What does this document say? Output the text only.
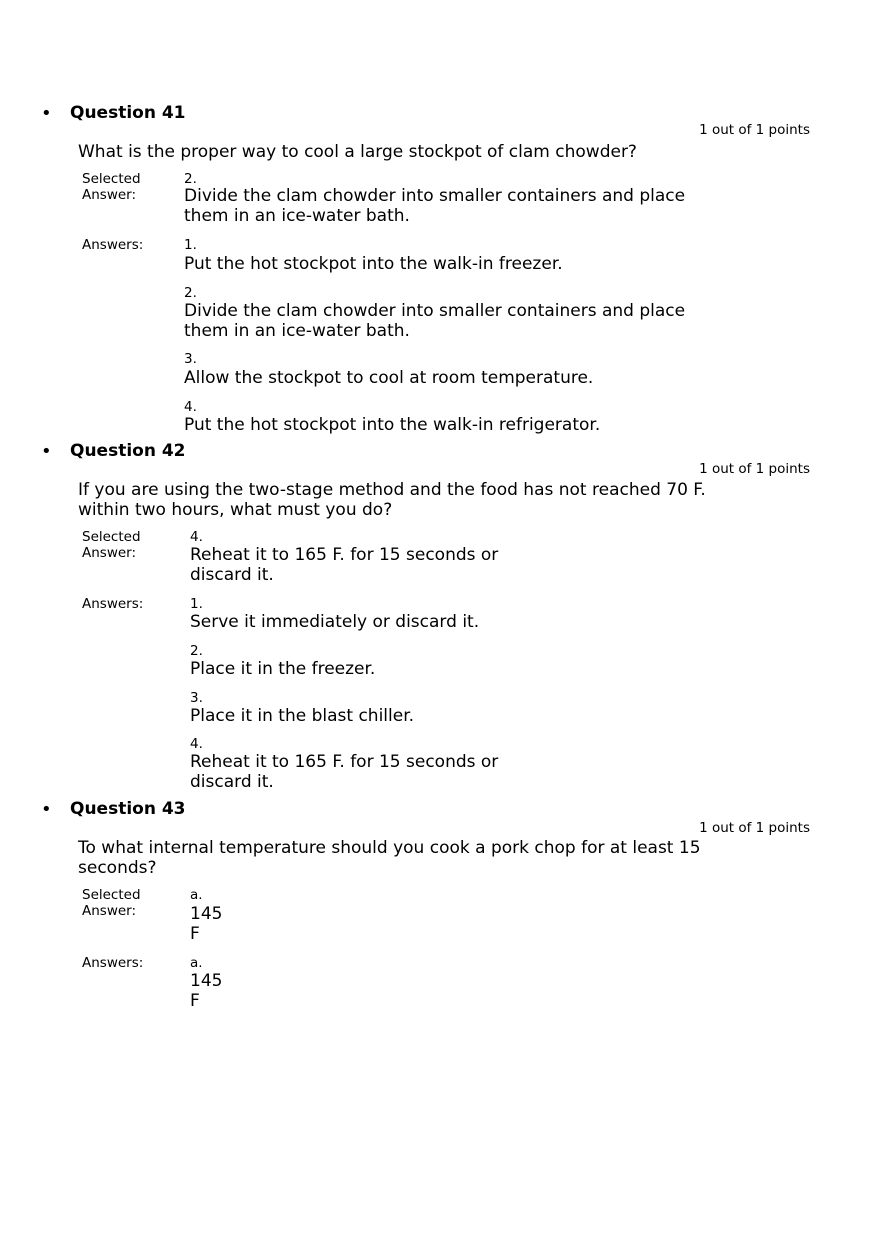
• Question 41
1 out of 1 points
What is the proper way to cool a large stockpot of clam chowder?
Selected
Answer:
2.
Divide the clam chowder into smaller containers and place
them in an ice-water bath.
Answers:	1.
Put the hot stockpot into the walk-in freezer.
2.
Divide the clam chowder into smaller containers and place
them in an ice-water bath.
3.
Allow the stockpot to cool at room temperature.
4.
Put the hot stockpot into the walk-in refrigerator.
• Question 42
1 out of 1 points
If you are using the two-stage method and the food has not reached 70 F.
within two hours, what must you do?
Selected
Answer:
4.
Reheat it to 165 F. for 15 seconds or
discard it.
Answers:	1.
Serve it immediately or discard it.
2.
Place it in the freezer.
3.
Place it in the blast chiller.
4.
Reheat it to 165 F. for 15 seconds or
discard it.
• Question 43
1 out of 1 points
To what internal temperature should you cook a pork chop for at least 15
seconds?
Selected
Answer:
a.
145
F
Answers:	a.
145
F
